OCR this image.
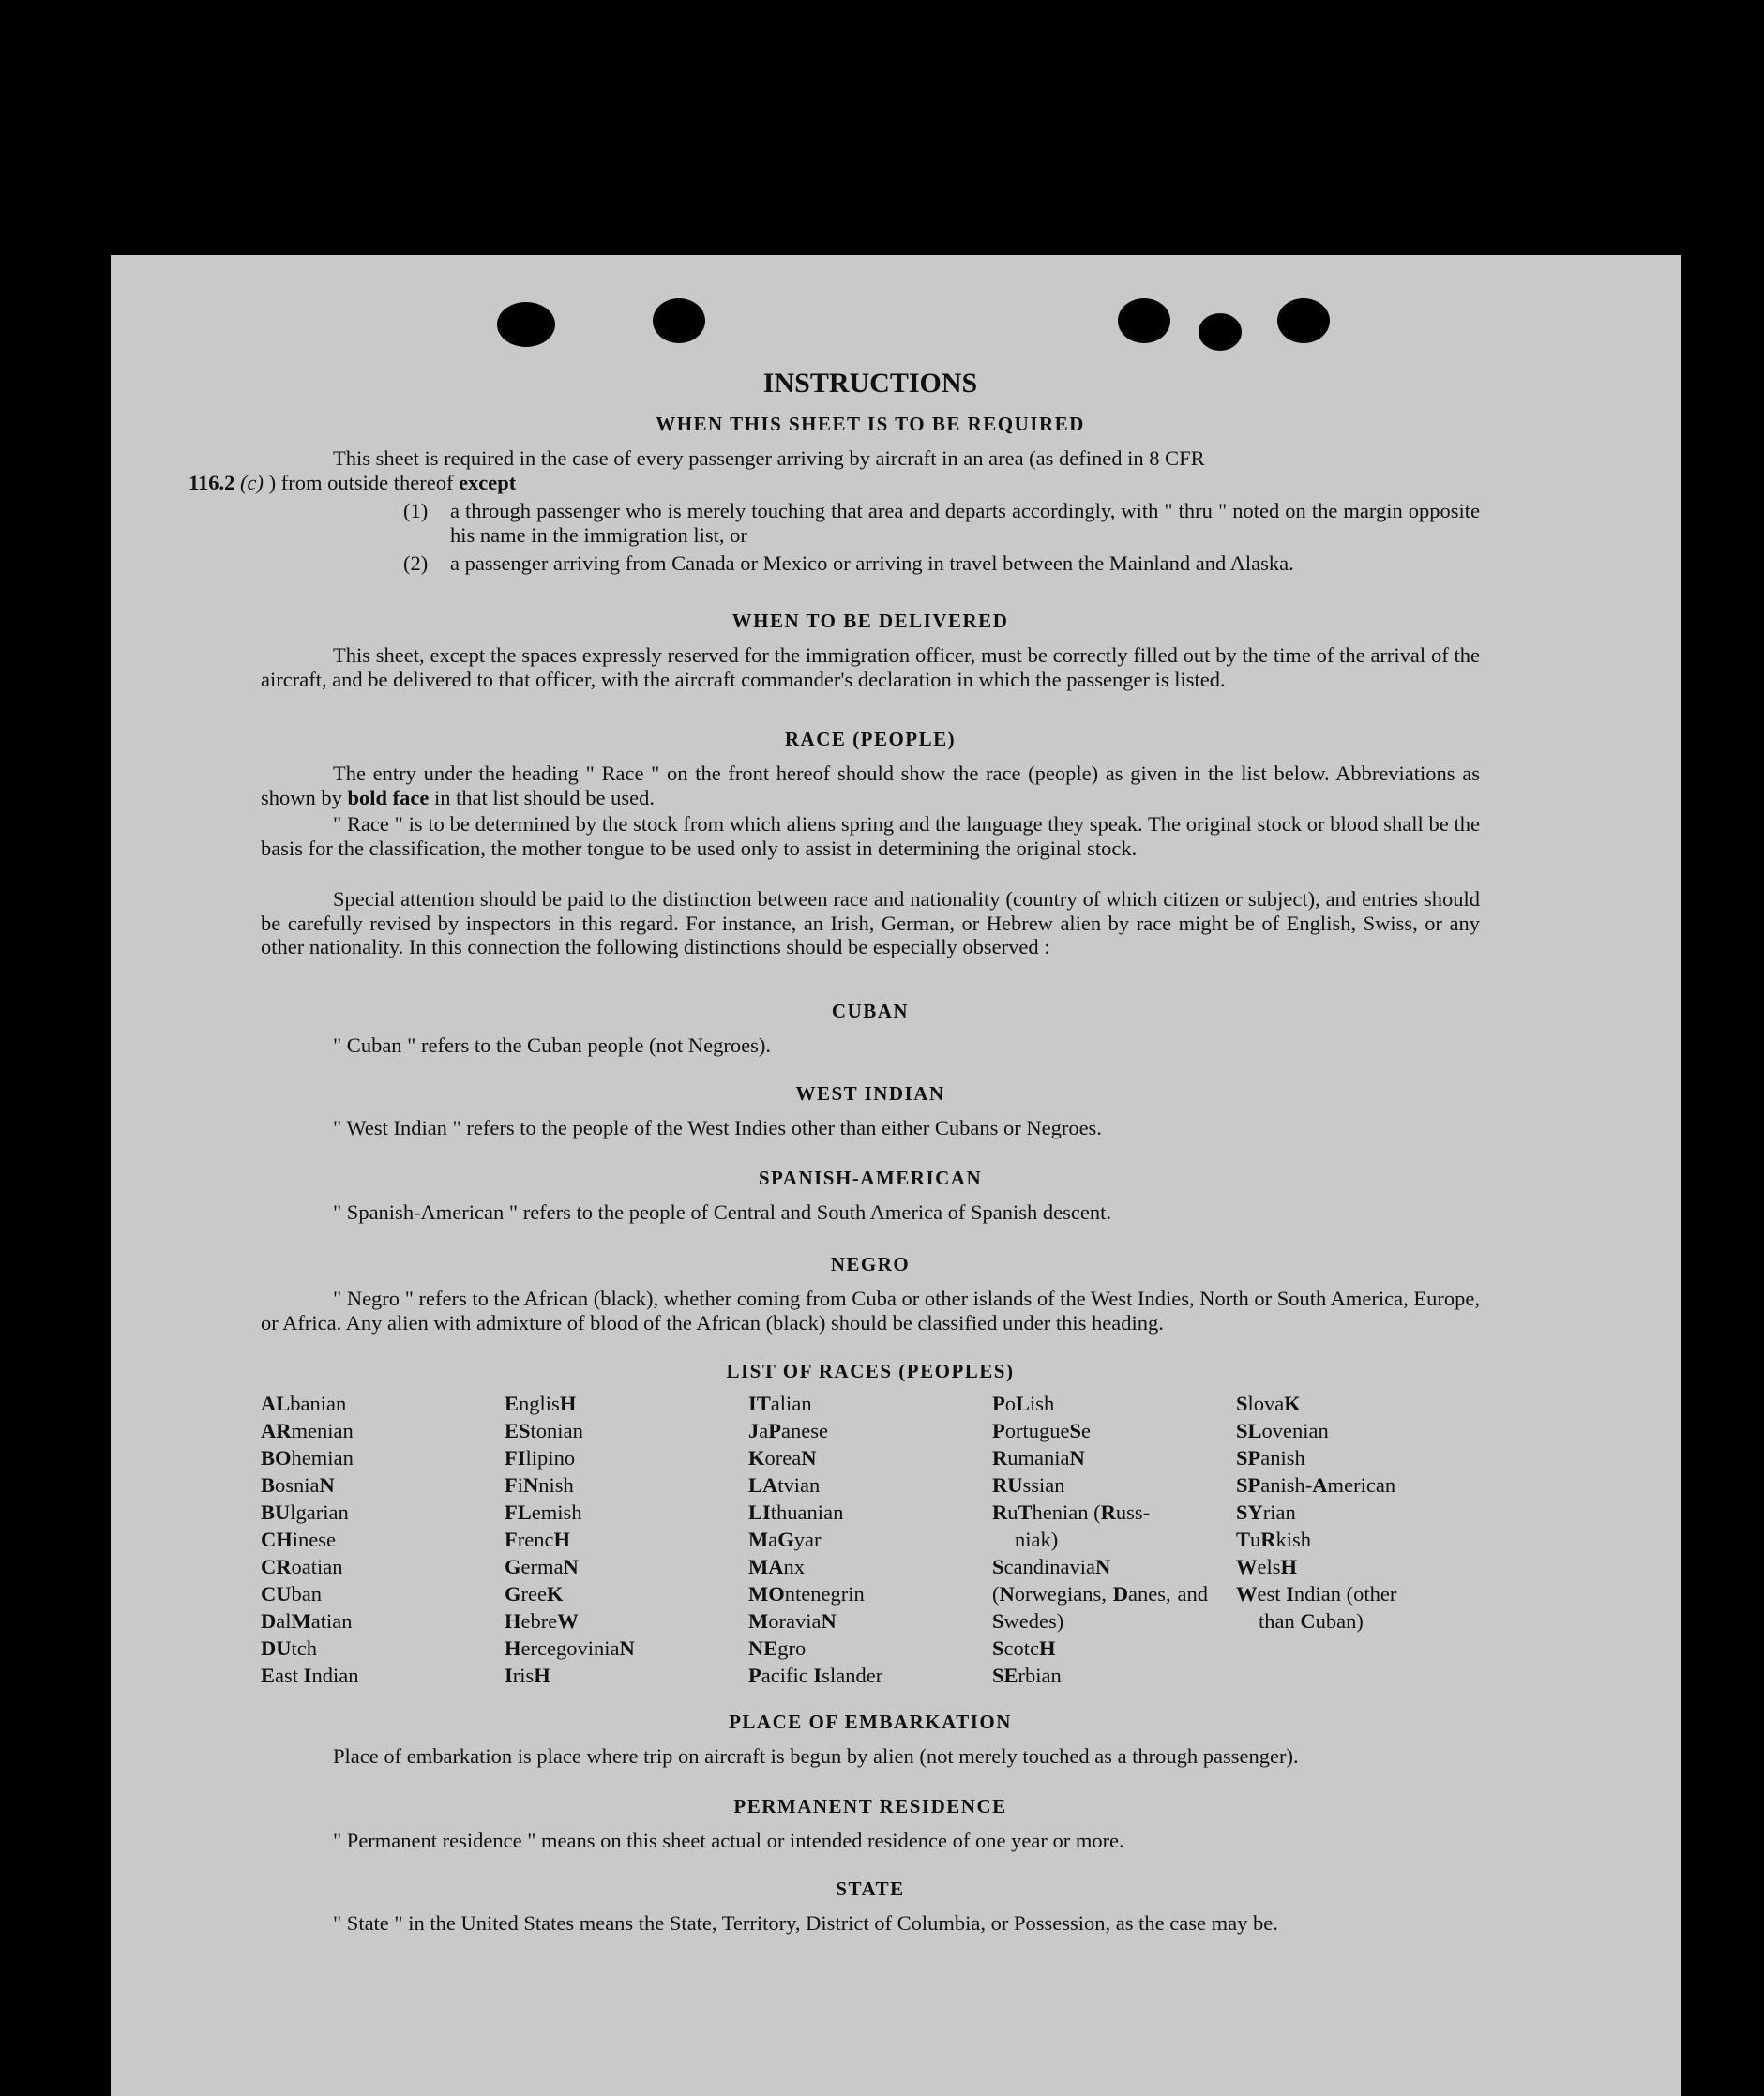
INSTRUCTIONS
WHEN THIS SHEET IS TO BE REQUIRED
This sheet is required in the case of every passenger arriving by aircraft in an area (as defined in 8 CFR
116.2 (c) ) from outside thereof except
(1)	a through passenger who is merely touching that area and departs accordingly, with " thru " noted on the margin opposite his name in the immigration list, or
(2)	a passenger arriving from Canada or Mexico or arriving in travel between the Mainland and Alaska.
WHEN TO BE DELIVERED
This sheet, except the spaces expressly reserved for the immigration officer, must be correctly filled out by the time of the arrival of the aircraft, and be delivered to that officer, with the aircraft commander's declaration in which the passenger is listed.
RACE (PEOPLE)
The entry under the heading " Race " on the front hereof should show the race (people) as given in the list below. Abbreviations as shown by bold face in that list should be used.
" Race " is to be determined by the stock from which aliens spring and the language they speak. The original stock or blood shall be the basis for the classification, the mother tongue to be used only to assist in determining the original stock.
Special attention should be paid to the distinction between race and nationality (country of which citizen or subject), and entries should be carefully revised by inspectors in this regard. For instance, an Irish, German, or Hebrew alien by race might be of English, Swiss, or any other nationality. In this connection the following distinctions should be especially observed :
CUBAN
" Cuban " refers to the Cuban people (not Negroes).
WEST INDIAN
" West Indian " refers to the people of the West Indies other than either Cubans or Negroes.
SPANISH-AMERICAN
" Spanish-American " refers to the people of Central and South America of Spanish descent.
NEGRO
" Negro " refers to the African (black), whether coming from Cuba or other islands of the West Indies, North or South America, Europe, or Africa. Any alien with admixture of blood of the African (black) should be classified under this heading.
LIST OF RACES (PEOPLES)
ALbanian
ARmenian
BOhemian
BosniaN
BUlgarian
CHinese
CRoatian
CUban
DalMatian
DUtch
East Indian
EnglisH
EStonian
FIlipino
FiNnish
FLemish
FrencH
GermaN
GreeK
HebreW
HercegoviniaN
IrisH
ITalian
JaPanese
KoreaN
LAtvian
LIthuanian
MaGyar
MAnx
MOntenegrin
MoraviaN
NEgro
Pacific Islander
PoLish
PortugueSe
RumaniaN
RUssian
RuThenian (Russ-
niak)
ScandinaviaN (Norwegians, Danes, and Swedes)
ScotcH
SErbian
SlovaK
SLovenian
SPanish
SPanish-American
SYrian
TuRkish
WelsH
West Indian (other
than Cuban)
PLACE OF EMBARKATION
Place of embarkation is place where trip on aircraft is begun by alien (not merely touched as a through passenger).
PERMANENT RESIDENCE
" Permanent residence " means on this sheet actual or intended residence of one year or more.
STATE
" State " in the United States means the State, Territory, District of Columbia, or Possession, as the case may be.
